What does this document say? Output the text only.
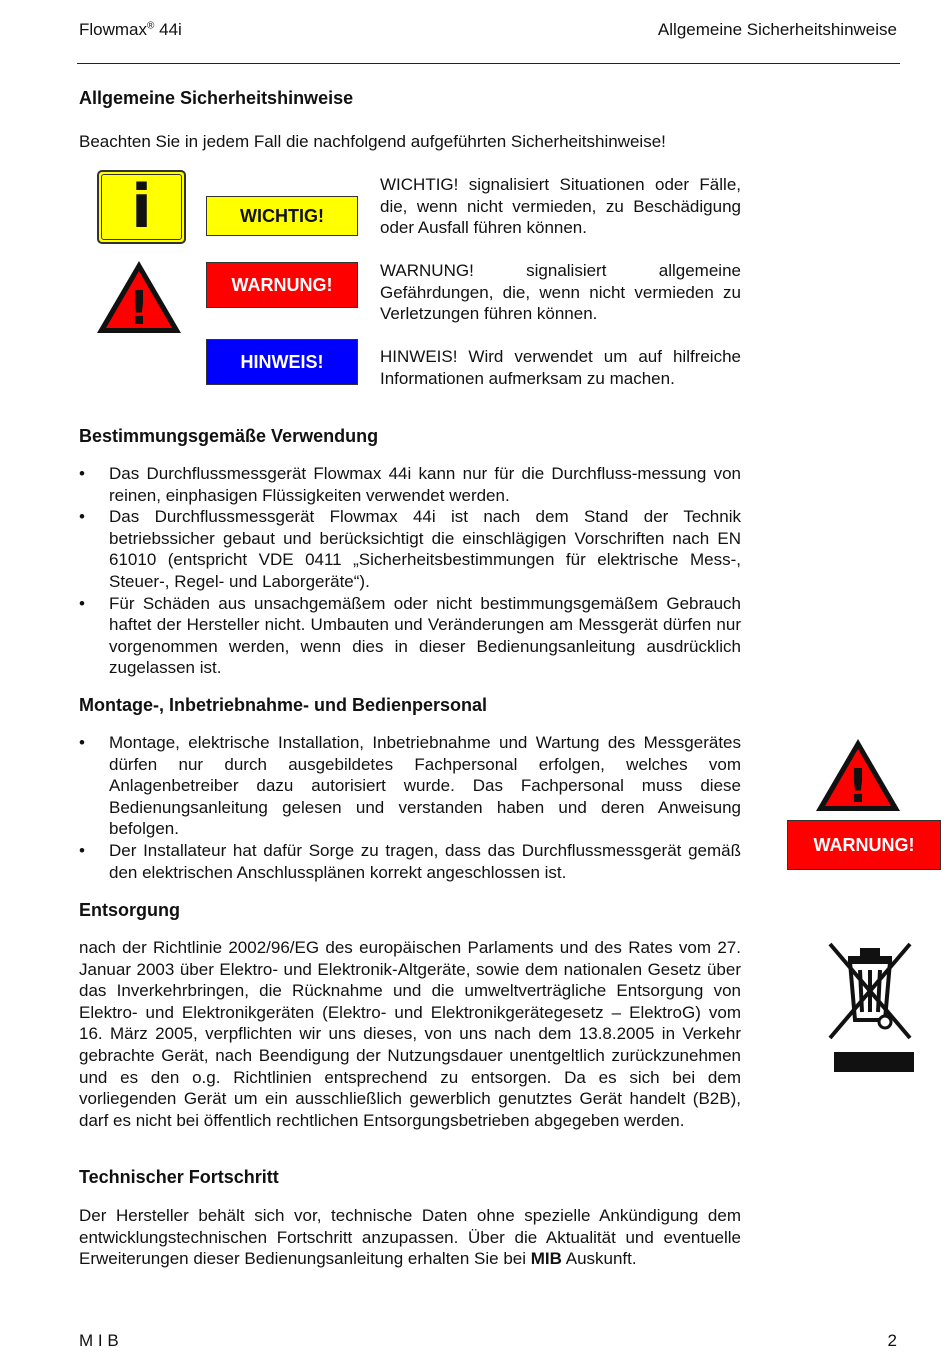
Flowmax® 44i	Allgemeine Sicherheitshinweise
Allgemeine Sicherheitshinweise
Beachten Sie in jedem Fall die nachfolgend aufgeführten Sicherheitshinweise!
i
!
WICHTIG!
WARNUNG!
HINWEIS!
WICHTIG! signalisiert Situationen oder Fälle, die, wenn nicht vermieden, zu Beschädigung oder Ausfall führen können.
WARNUNG! signalisiert allgemeine Gefährdungen, die, wenn nicht vermieden zu Verletzungen führen können.
HINWEIS! Wird verwendet um auf hilfreiche Informationen aufmerksam zu machen.
Bestimmungsgemäße Verwendung
• Das Durchflussmessgerät Flowmax 44i kann nur für die Durchfluss-messung von reinen, einphasigen Flüssigkeiten verwendet werden.
• Das Durchflussmessgerät Flowmax 44i ist nach dem Stand der Technik betriebssicher gebaut und berücksichtigt die einschlägigen Vorschriften nach EN 61010 (entspricht VDE 0411 „Sicherheitsbestimmungen für elektrische Mess-, Steuer-, Regel- und Laborgeräte“).
• Für Schäden aus unsachgemäßem oder nicht bestimmungsgemäßem Gebrauch haftet der Hersteller nicht. Umbauten und Veränderungen am Messgerät dürfen nur vorgenommen werden, wenn dies in dieser Bedienungsanleitung ausdrücklich zugelassen ist.
Montage-, Inbetriebnahme- und Bedienpersonal
• Montage, elektrische Installation, Inbetriebnahme und Wartung des Messgerätes dürfen nur durch ausgebildetes Fachpersonal erfolgen, welches vom Anlagenbetreiber dazu autorisiert wurde. Das Fachpersonal muss diese Bedienungsanleitung gelesen und verstanden haben und deren Anweisung befolgen.
• Der Installateur hat dafür Sorge zu tragen, dass das Durchflussmessgerät gemäß den elektrischen Anschlussplänen korrekt angeschlossen ist.
!
WARNUNG!
Entsorgung
nach der Richtlinie 2002/96/EG des europäischen Parlaments und des Rates vom 27. Januar 2003 über Elektro- und Elektronik-Altgeräte, sowie dem nationalen Gesetz über das Inverkehrbringen, die Rücknahme und die umweltverträgliche Entsorgung von Elektro- und Elektronikgeräten (Elektro- und Elektronikgerätegesetz – ElektroG) vom 16. März 2005, verpflichten wir uns dieses, von uns nach dem 13.8.2005 in Verkehr gebrachte Gerät, nach Beendigung der Nutzungsdauer unentgeltlich zurückzunehmen und es den o.g. Richtlinien entsprechend zu entsorgen. Da es sich bei dem vorliegenden Gerät um ein ausschließlich gewerblich genutztes Gerät handelt (B2B), darf es nicht bei öffentlich rechtlichen Entsorgungsbetrieben abgegeben werden.
Technischer Fortschritt
Der Hersteller behält sich vor, technische Daten ohne spezielle Ankündigung dem entwicklungstechnischen Fortschritt anzupassen. Über die Aktualität und eventuelle Erweiterungen dieser Bedienungsanleitung erhalten Sie bei MIB Auskunft.
M I B	2
